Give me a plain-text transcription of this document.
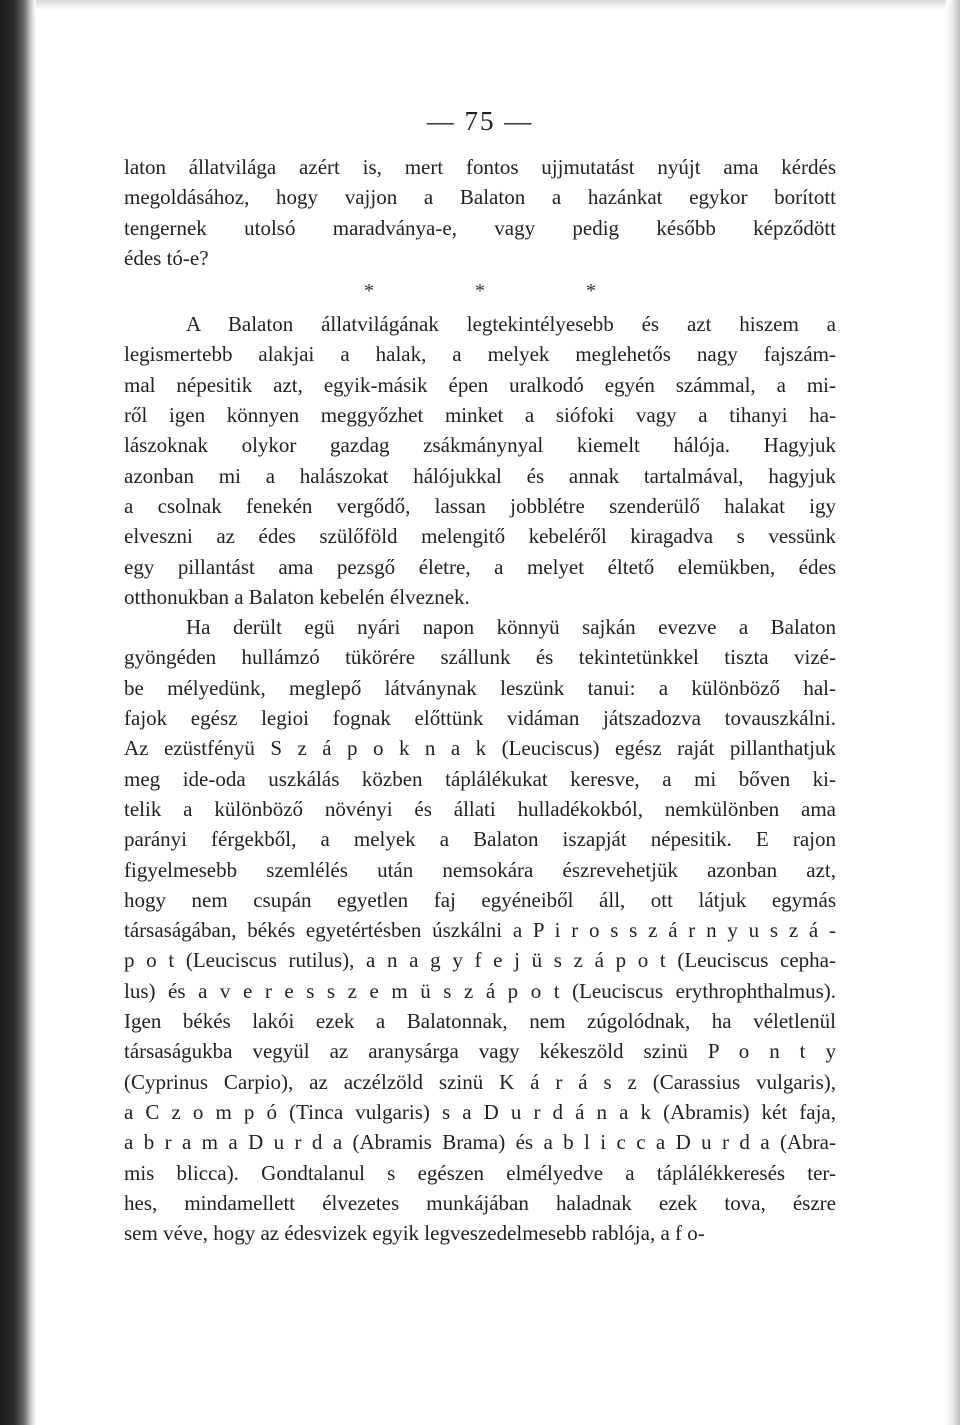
— 75 —
laton állatvilága azért is, mert fontos ujjmutatást nyújt ama kérdés
megoldásához, hogy vajjon a Balaton a hazánkat egykor borított
tengernek utolsó maradványa-e, vagy pedig később képződött
édes tó-e?
* * *
A Balaton állatvilágának legtekintélyesebb és azt hiszem a
legismertebb alakjai a halak, a melyek meglehetős nagy fajszám-
mal népesitik azt, egyik-másik épen uralkodó egyén számmal, a mi-
ről igen könnyen meggyőzhet minket a siófoki vagy a tihanyi ha-
lászoknak olykor gazdag zsákmánynyal kiemelt hálója. Hagyjuk
azonban mi a halászokat hálójukkal és annak tartalmával, hagyjuk
a csolnak fenekén vergődő, lassan jobblétre szenderülő halakat igy
elveszni az édes szülőföld melengitő kebeléről kiragadva s vessünk
egy pillantást ama pezsgő életre, a melyet éltető elemükben, édes
otthonukban a Balaton kebelén élveznek.
Ha derült egü nyári napon könnyü sajkán evezve a Balaton
gyöngéden hullámzó tükörére szállunk és tekintetünkkel tiszta vizé-
be mélyedünk, meglepő látványnak leszünk tanui: a különböző hal-
fajok egész legioi fognak előttünk vidáman játszadozva tovauszkálni.
Az ezüstfényü S z á p o k n a k (Leuciscus) egész raját pillanthatjuk
meg ide-oda uszkálás közben táplálékukat keresve, a mi bőven ki-
telik a különböző növényi és állati hulladékokból, nemkülönben ama
parányi férgekből, a melyek a Balaton iszapját népesitik. E rajon
figyelmesebb szemlélés után nemsokára észrevehetjük azonban azt,
hogy nem csupán egyetlen faj egyéneiből áll, ott látjuk egymás
társaságában, békés egyetértésben úszkálni a P i r o s s z á r n y u s z á -
p o t (Leuciscus rutilus), a n a g y f e j ü s z á p o t (Leuciscus cepha-
lus) és a v e r e s s z e m ü s z á p o t (Leuciscus erythrophthalmus).
Igen békés lakói ezek a Balatonnak, nem zúgolódnak, ha véletlenül
társaságukba vegyül az aranysárga vagy kékeszöld szinü P o n t y
(Cyprinus Carpio), az aczélzöld szinü K á r á s z (Carassius vulgaris),
a C z o m p ó (Tinca vulgaris) s a D u r d á n a k (Abramis) két faja,
a b r a m a D u r d a (Abramis Brama) és a b l i c c a D u r d a (Abra-
mis blicca). Gondtalanul s egészen elmélyedve a táplálékkeresés ter-
hes, mindamellett élvezetes munkájában haladnak ezek tova, észre
sem véve, hogy az édesvizek egyik legveszedelmesebb rablója, a f o-
